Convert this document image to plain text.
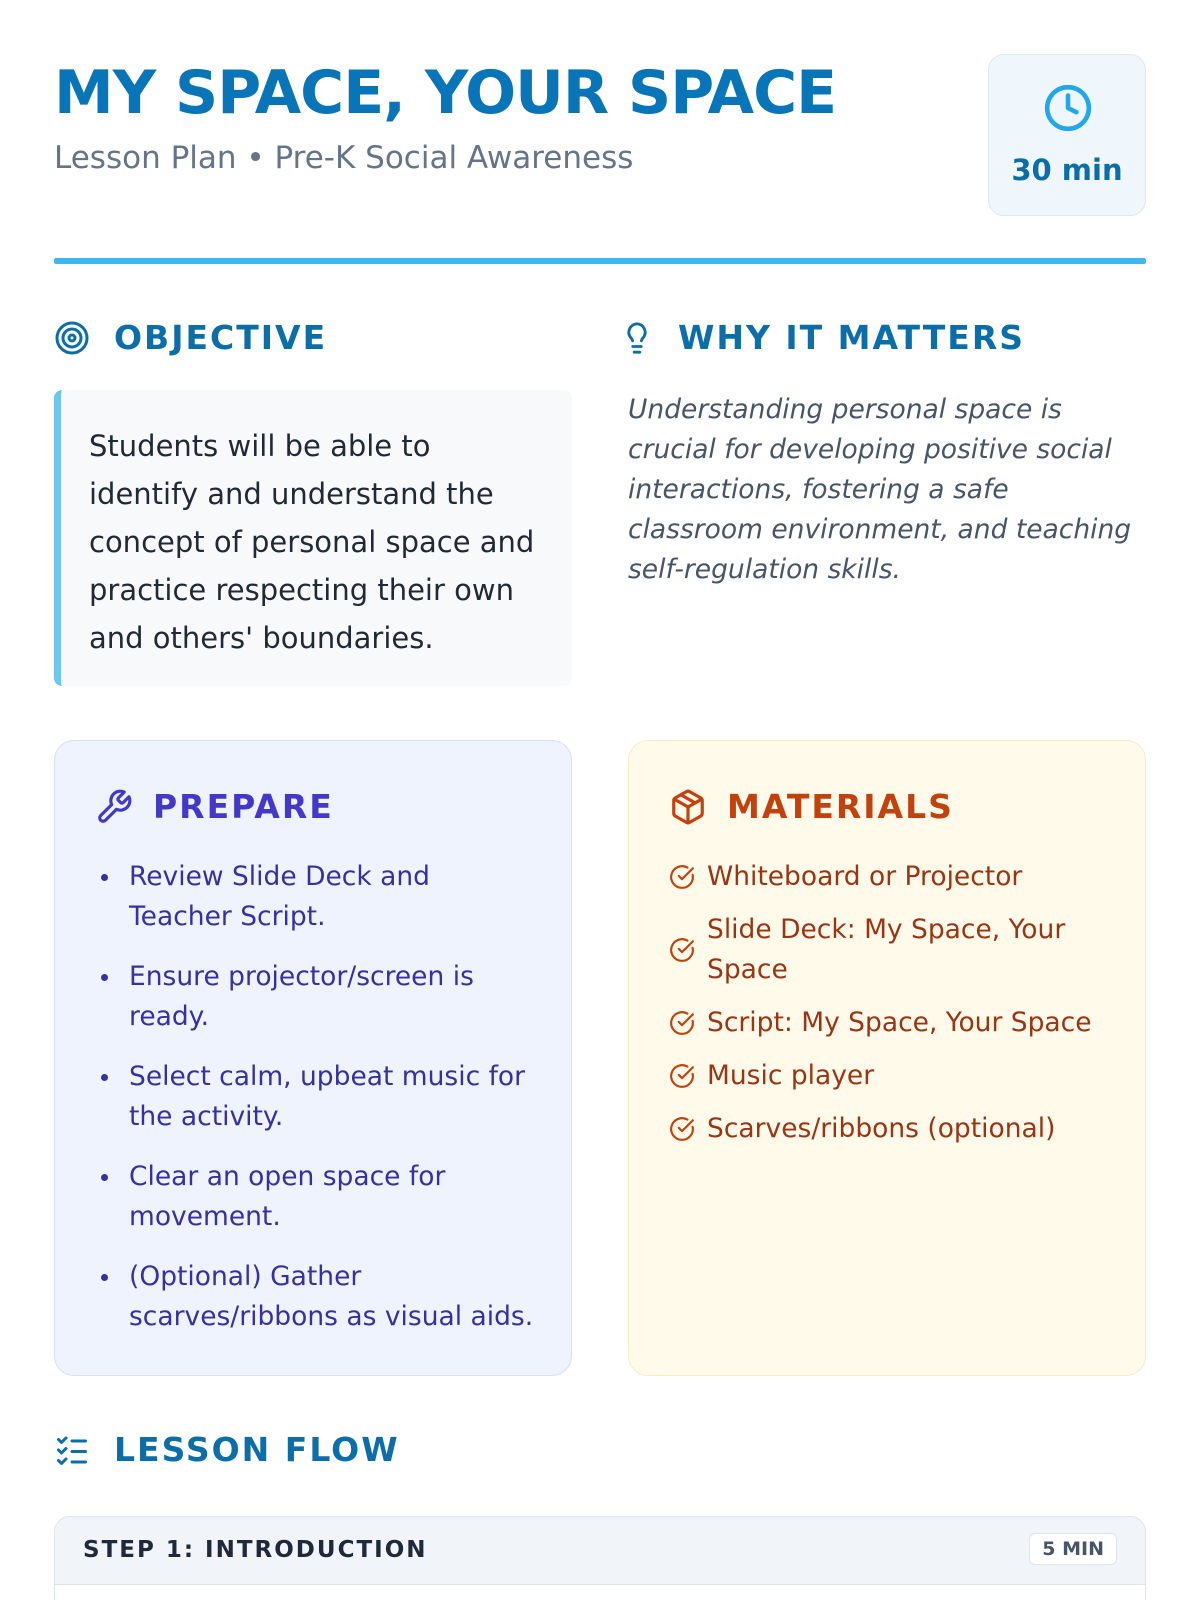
MY SPACE, YOUR SPACE
Lesson Plan • Pre-K Social Awareness	30 min
OBJECTIVE
Students will be able to identify and understand the concept of personal space and practice respecting their own and others' boundaries.
WHY IT MATTERS
Understanding personal space is crucial for developing positive social interactions, fostering a safe classroom environment, and teaching self-regulation skills.
PREPARE
Review Slide Deck and Teacher Script.
Ensure projector/screen is ready.
Select calm, upbeat music for the activity.
Clear an open space for movement.
(Optional) Gather scarves/ribbons as visual aids.
MATERIALS
Whiteboard or Projector
Slide Deck: My Space, Your Space
Script: My Space, Your Space
Music player
Scarves/ribbons (optional)
LESSON FLOW
STEP 1: INTRODUCTION	5 MIN
